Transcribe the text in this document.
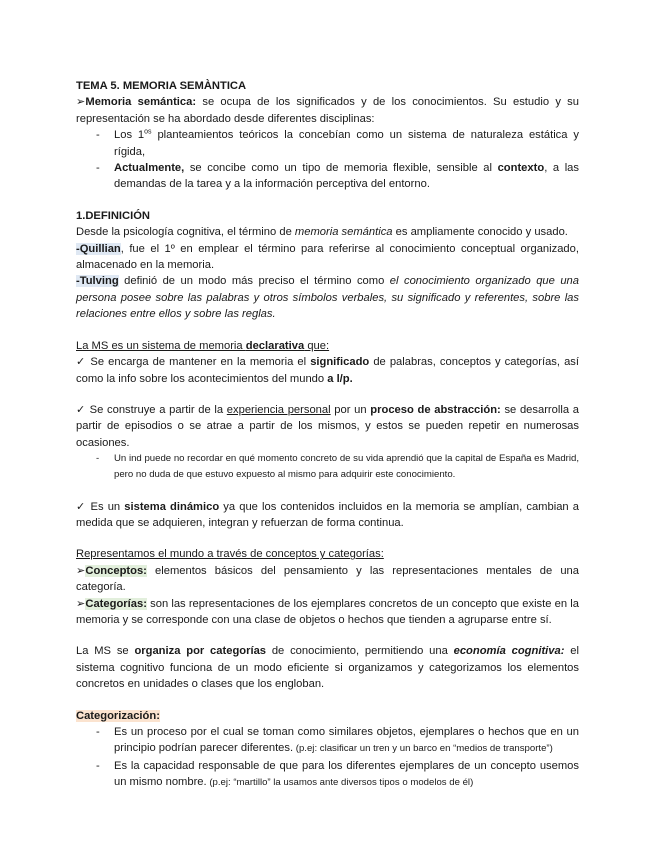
TEMA 5. MEMORIA SEMÀNTICA

➢Memoria semántica: se ocupa de los significados y de los conocimientos. Su estudio y su representación se ha abordado desde diferentes disciplinas:

- Los $1^{os}$ planteamientos teóricos la concebían como un sistema de naturaleza estática y rígida,
- Actualmente, se concibe como un tipo de memoria flexible, sensible al contexto, a las demandas de la tarea y a la información perceptiva del entorno.

1.DEFINICIÓN

Desde la psicología cognitiva, el término de memoria semántica es ampliamente conocido y usado.

-Quillian, fue el 1º en emplear el término para referirse al conocimiento conceptual organizado, almacenado en la memoria.

-Tulving definió de un modo más preciso el término como el conocimiento organizado que una persona posee sobre las palabras y otros símbolos verbales, su significado y referentes, sobre las relaciones entre ellos y sobre las reglas.

La MS es un sistema de memoria declarativa que:

✓ Se encarga de mantener en la memoria el significado de palabras, conceptos y categorías, así como la info sobre los acontecimientos del mundo a l/p.

✓ Se construye a partir de la experiencia personal por un proceso de abstracción: se desarrolla a partir de episodios o se atrae a partir de los mismos, y estos se pueden repetir en numerosas ocasiones.

- Un ind puede no recordar en qué momento concreto de su vida aprendió que la capital de España es Madrid, pero no duda de que estuvo expuesto al mismo para adquirir este conocimiento.

✓ Es un sistema dinámico ya que los contenidos incluidos en la memoria se amplían, cambian a medida que se adquieren, integran y refuerzan de forma continua.

Representamos el mundo a través de conceptos y categorías:

➢Conceptos: elementos básicos del pensamiento y las representaciones mentales de una categoría.

➢Categorías: son las representaciones de los ejemplares concretos de un concepto que existe en la memoria y se corresponde con una clase de objetos o hechos que tienden a agruparse entre sí.

La MS se organiza por categorías de conocimiento, permitiendo una economía cognitiva: el sistema cognitivo funciona de un modo eficiente si organizamos y categorizamos los elementos concretos en unidades o clases que los engloban.

Categorización:

- Es un proceso por el cual se toman como similares objetos, ejemplares o hechos que en un principio podrían parecer diferentes. (p.ej: clasificar un tren y un barco en “medios de transporte”)
- Es la capacidad responsable de que para los diferentes ejemplares de un concepto usemos un mismo nombre. (p.ej: “martillo” la usamos ante diversos tipos o modelos de él)
